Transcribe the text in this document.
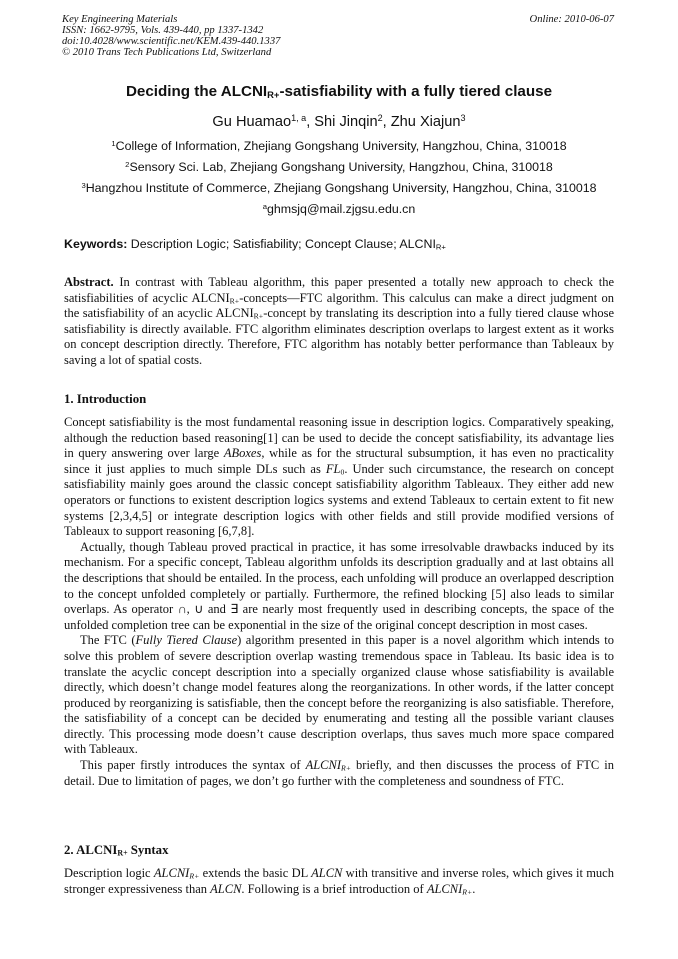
Key Engineering Materials
ISSN: 1662-9795, Vols. 439-440, pp 1337-1342
doi:10.4028/www.scientific.net/KEM.439-440.1337
© 2010 Trans Tech Publications Ltd, Switzerland
Online: 2010-06-07
Deciding the $ALCNI_{R+}$-satisfiability with a fully tiered clause
Gu Huamao$^{1, a}$, Shi Jinqin$^2$, Zhu Xiajun$^3$
$^1$College of Information, Zhejiang Gongshang University, Hangzhou, China, 310018
$^2$Sensory Sci. Lab, Zhejiang Gongshang University, Hangzhou, China, 310018
$^3$Hangzhou Institute of Commerce, Zhejiang Gongshang University, Hangzhou, China, 310018
$^a$ghmsjq@mail.zjgsu.edu.cn
Keywords: Description Logic; Satisfiability; Concept Clause; $ALCNI_{R+}$
Abstract. In contrast with Tableau algorithm, this paper presented a totally new approach to check the satisfiabilities of acyclic $ALCNI_{R+}-concepts—FTC$ algorithm. This calculus can make a direct judgment on the satisfiability of an acyclic $ALCNI_{R+}$-concept by translating its description into a fully tiered clause whose satisfiability is directly available. FTC algorithm eliminates description overlaps to largest extent as it works on concept description directly. Therefore, FTC algorithm has notably better performance than Tableaux by saving a lot of spatial costs.
1. Introduction

Concept satisfiability is the most fundamental reasoning issue in description logics. Comparatively speaking, although the reduction based reasoning[1] can be used to decide the concept satisfiability, its advantage lies in query answering over large ABoxes, while as for the structural subsumption, it has even no practicality since it just applies to much simple DLs such as $FL_0$. Under such circumstance, the research on concept satisfiability mainly goes around the classic concept satisfiability algorithm Tableaux. They either add new operators or functions to existent description logics systems and extend Tableaux to certain extent to fit new systems [2,3,4,5] or integrate description logics with other fields and still provide modified versions of Tableaux to support reasoning [6,7,8].

Actually, though Tableau proved practical in practice, it has some irresolvable drawbacks induced by its mechanism. For a specific concept, Tableau algorithm unfolds its description gradually and at last obtains all the descriptions that should be entailed. In the process, each unfolding will produce an overlapped description to the concept unfolded completely or partially. Furthermore, the refined blocking [5] also leads to similar overlaps. As operator ∩, ∪ and ∃ are nearly most frequently used in describing concepts, the space of the unfolded completion tree can be exponential in the size of the original concept description in most cases.

The FTC (Fully Tiered Clause) algorithm presented in this paper is a novel algorithm which intends to solve this problem of severe description overlap wasting tremendous space in Tableau. Its basic idea is to translate the acyclic concept description into a specially organized clause whose satisfiability is available directly, which doesn’t change model features along the reorganizations. In other words, if the latter concept produced by reorganizing is satisfiable, then the concept before the reorganizing is also satisfiable. Therefore, the satisfiability of a concept can be decided by enumerating and testing all the possible variant clauses directly. This processing mode doesn’t cause description overlaps, thus saves much more space compared with Tableaux.

This paper firstly introduces the syntax of $ALCNI_{R+}$ briefly, and then discusses the process of FTC in detail. Due to limitation of pages, we don’t go further with the completeness and soundness of FTC.

2. $ALCNI_{R+}$ Syntax

Description logic $ALCNI_{R+}$ extends the basic DL ALCN with transitive and inverse roles, which gives it much stronger expressiveness than ALCN. Following is a brief introduction of $ALCNI_{R+}$.
